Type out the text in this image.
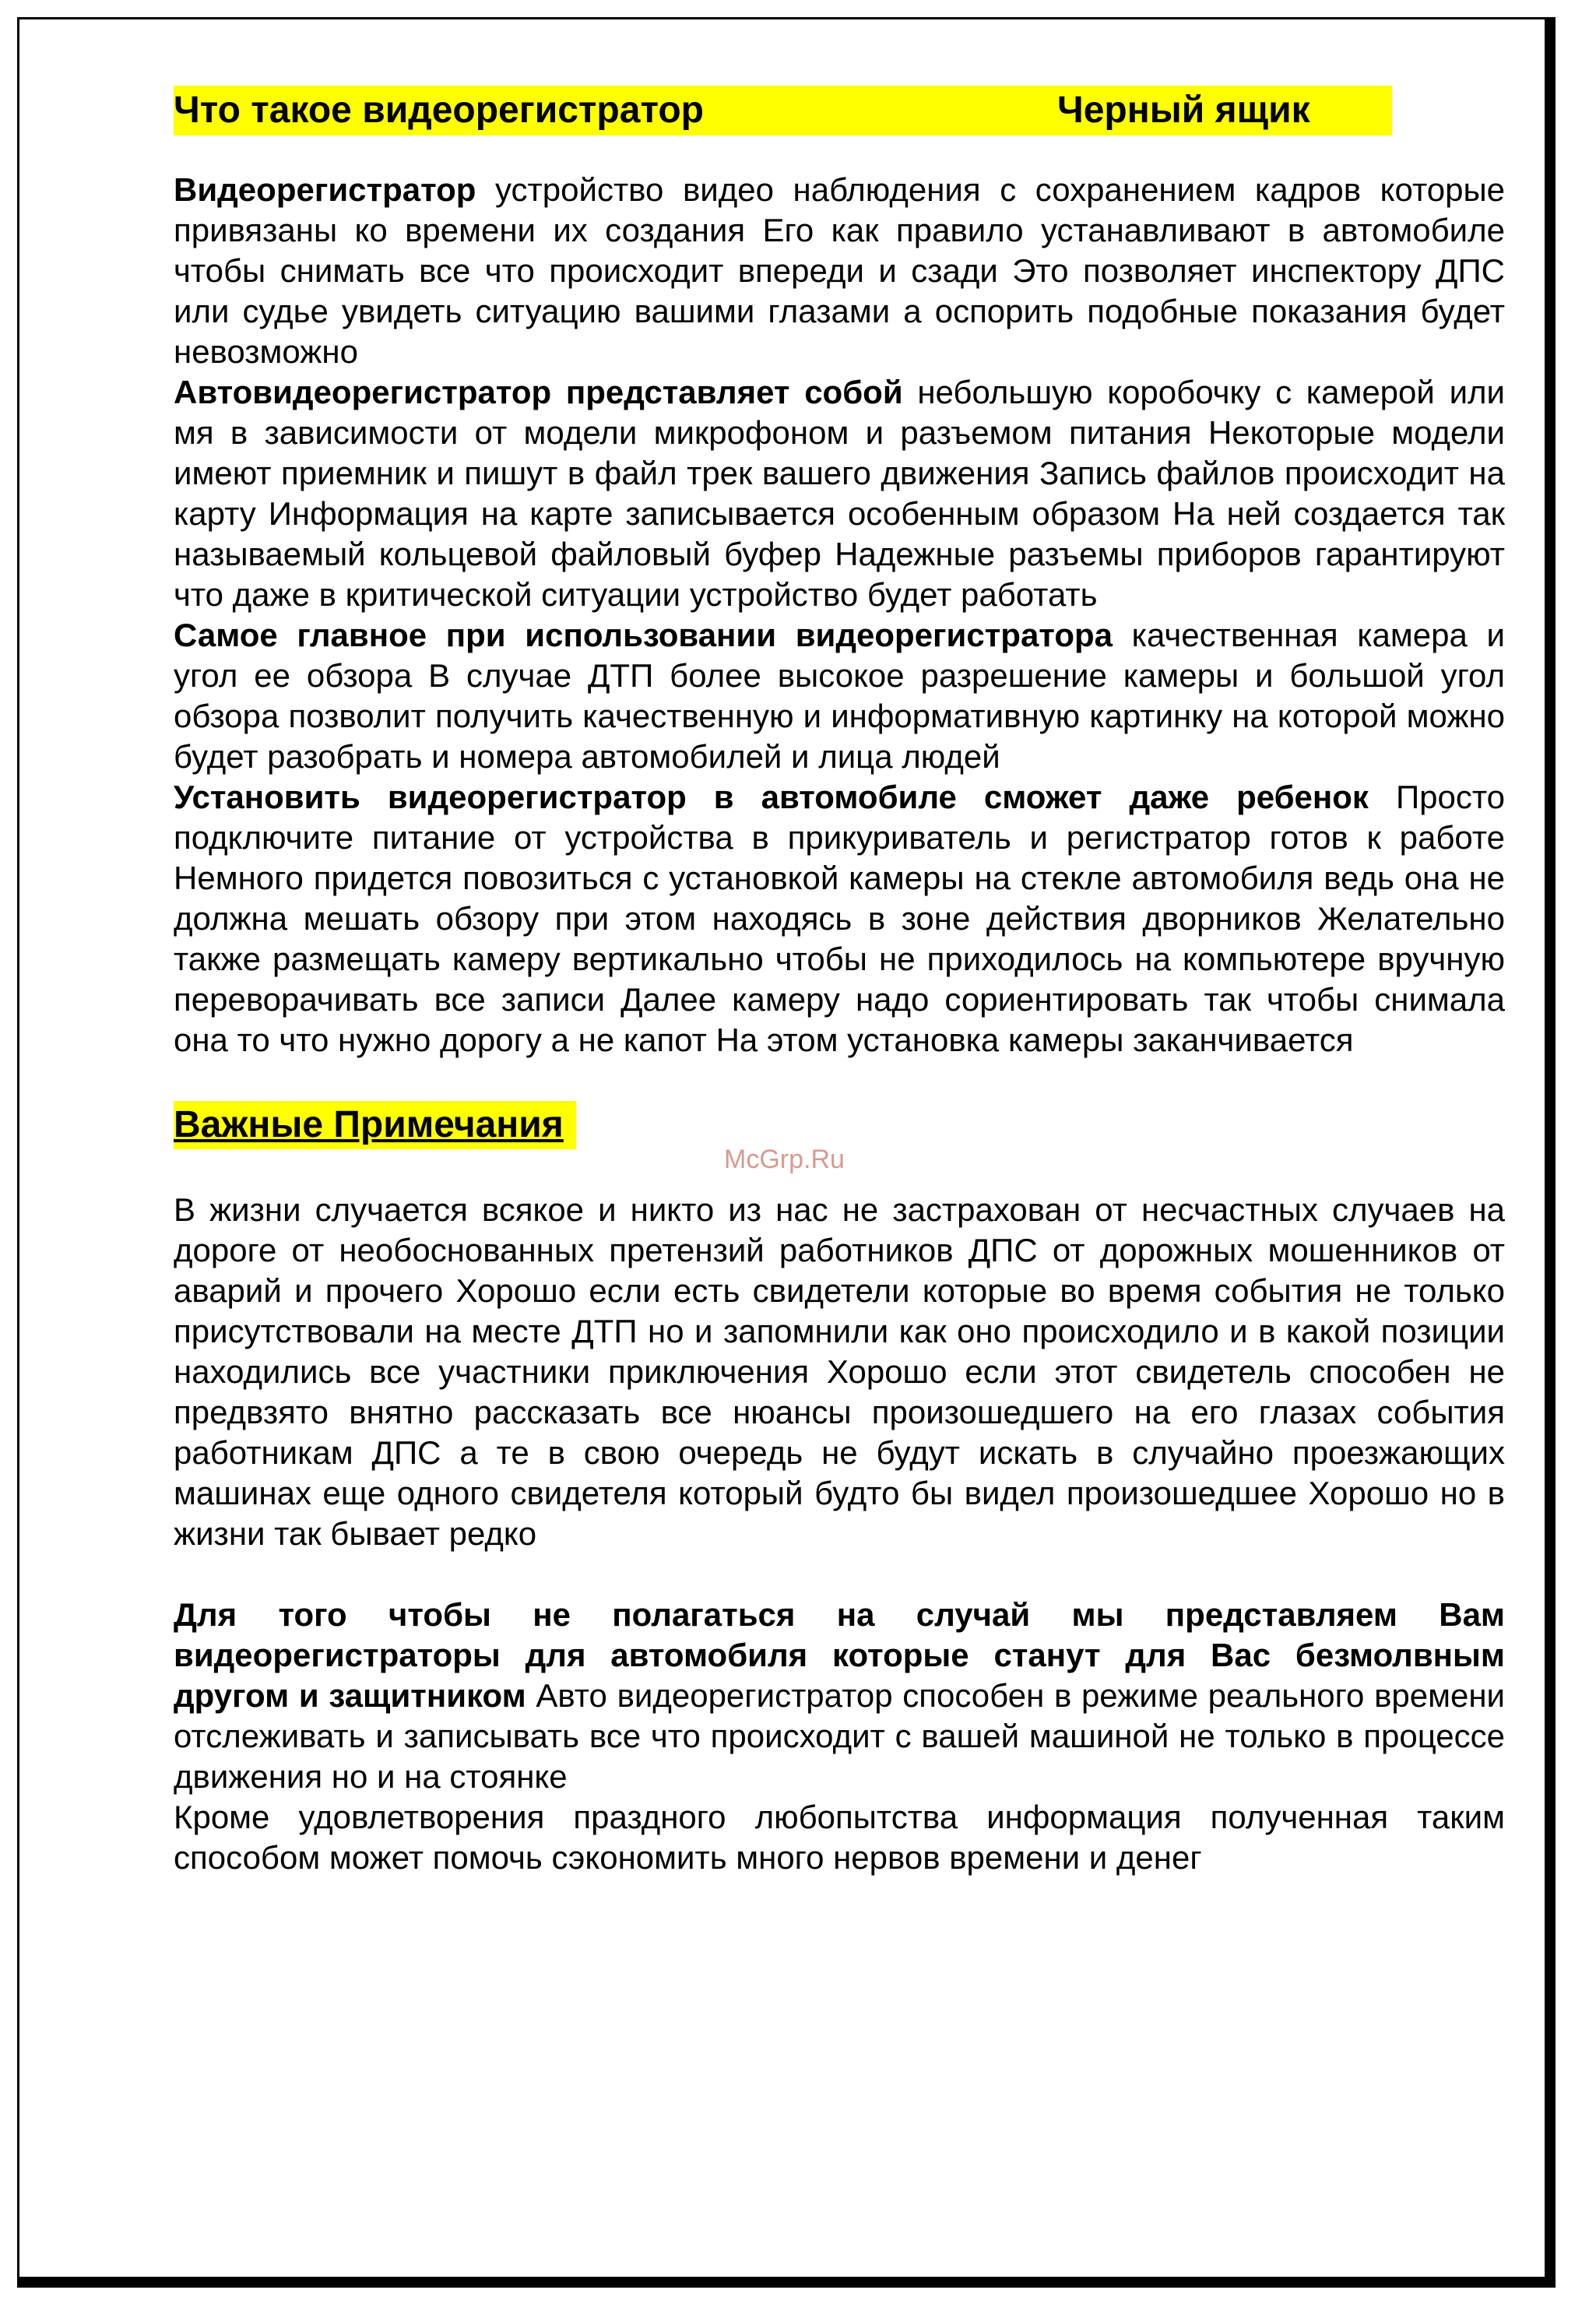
Что такое видеорегистратор	Черный ящик

Видеорегистратор устройство видео наблюдения с сохранением кадров которые привязаны ко времени их создания Его как правило устанавливают в автомобиле чтобы снимать все что происходит впереди и сзади Это позволяет инспектору ДПС или судье увидеть ситуацию вашими глазами а оспорить подобные показания будет невозможно

Автовидеорегистратор представляет собой небольшую коробочку с камерой или мя в зависимости от модели микрофоном и разъемом питания Некоторые модели имеют приемник и пишут в файл трек вашего движения Запись файлов происходит на карту Информация на карте записывается особенным образом На ней создается так называемый кольцевой файловый буфер Надежные разъемы приборов гарантируют что даже в критической ситуации устройство будет работать

Самое главное при использовании видеорегистратора качественная камера и угол ее обзора В случае ДТП более высокое разрешение камеры и большой угол обзора позволит получить качественную и информативную картинку на которой можно будет разобрать и номера автомобилей и лица людей

Установить видеорегистратор в автомобиле сможет даже ребенок Просто подключите питание от устройства в прикуриватель и регистратор готов к работе Немного придется повозиться с установкой камеры на стекле автомобиля ведь она не должна мешать обзору при этом находясь в зоне действия дворников Желательно также размещать камеру вертикально чтобы не приходилось на компьютере вручную переворачивать все записи Далее камеру надо сориентировать так чтобы снимала она то что нужно дорогу а не капот На этом установка камеры заканчивается

Важные Примечания

В жизни случается всякое и никто из нас не застрахован от несчастных случаев на дороге от необоснованных претензий работников ДПС от дорожных мошенников от аварий и прочего Хорошо если есть свидетели которые во время события не только присутствовали на месте ДТП но и запомнили как оно происходило и в какой позиции находились все участники приключения Хорошо если этот свидетель способен не предвзято внятно рассказать все нюансы произошедшего на его глазах события работникам ДПС а те в свою очередь не будут искать в случайно проезжающих машинах еще одного свидетеля который будто бы видел произошедшее Хорошо но в жизни так бывает редко

Для того чтобы не полагаться на случай мы представляем Вам видеорегистраторы для автомобиля которые станут для Вас безмолвным другом и защитником Авто видеорегистратор способен в режиме реального времени отслеживать и записывать все что происходит с вашей машиной не только в процессе движения но и на стоянке

Кроме удовлетворения праздного любопытства информация полученная таким способом может помочь сэкономить много нервов времени и денег

McGrp.Ru
